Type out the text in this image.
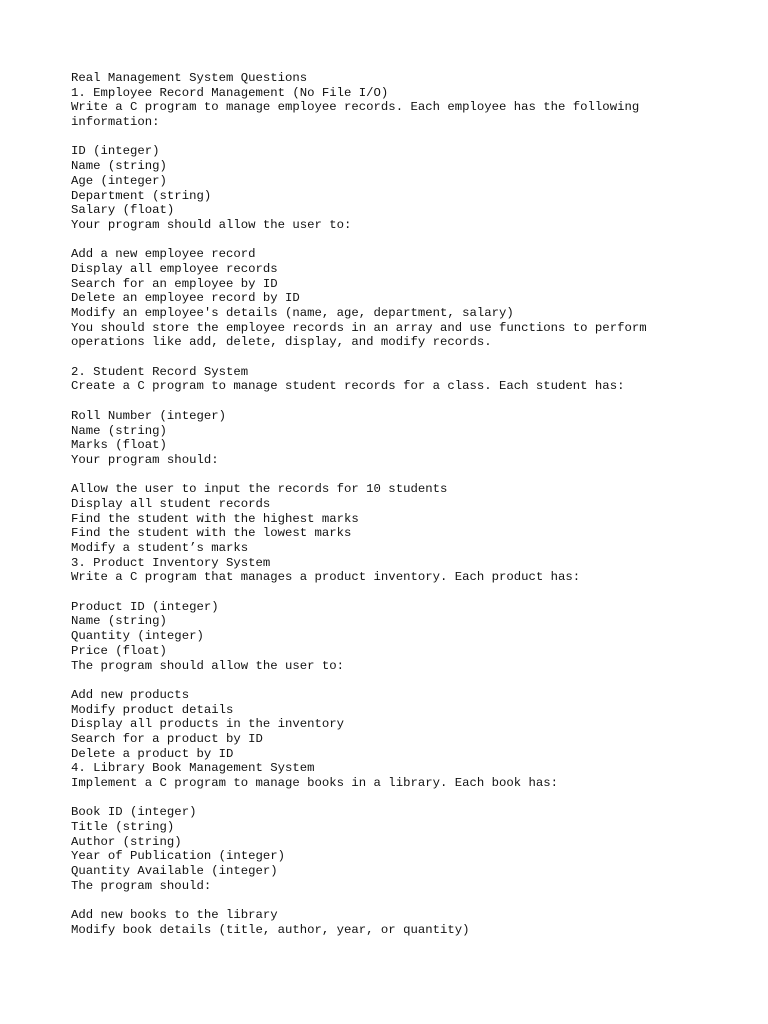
Real Management System Questions
1. Employee Record Management (No File I/O)
Write a C program to manage employee records. Each employee has the following
information:
ID (integer)
Name (string)
Age (integer)
Department (string)
Salary (float)
Your program should allow the user to:
Add a new employee record
Display all employee records
Search for an employee by ID
Delete an employee record by ID
Modify an employee's details (name, age, department, salary)
You should store the employee records in an array and use functions to perform
operations like add, delete, display, and modify records.
2. Student Record System
Create a C program to manage student records for a class. Each student has:
Roll Number (integer)
Name (string)
Marks (float)
Your program should:
Allow the user to input the records for 10 students
Display all student records
Find the student with the highest marks
Find the student with the lowest marks
Modify a student’s marks
3. Product Inventory System
Write a C program that manages a product inventory. Each product has:
Product ID (integer)
Name (string)
Quantity (integer)
Price (float)
The program should allow the user to:
Add new products
Modify product details
Display all products in the inventory
Search for a product by ID
Delete a product by ID
4. Library Book Management System
Implement a C program to manage books in a library. Each book has:
Book ID (integer)
Title (string)
Author (string)
Year of Publication (integer)
Quantity Available (integer)
The program should:
Add new books to the library
Modify book details (title, author, year, or quantity)
